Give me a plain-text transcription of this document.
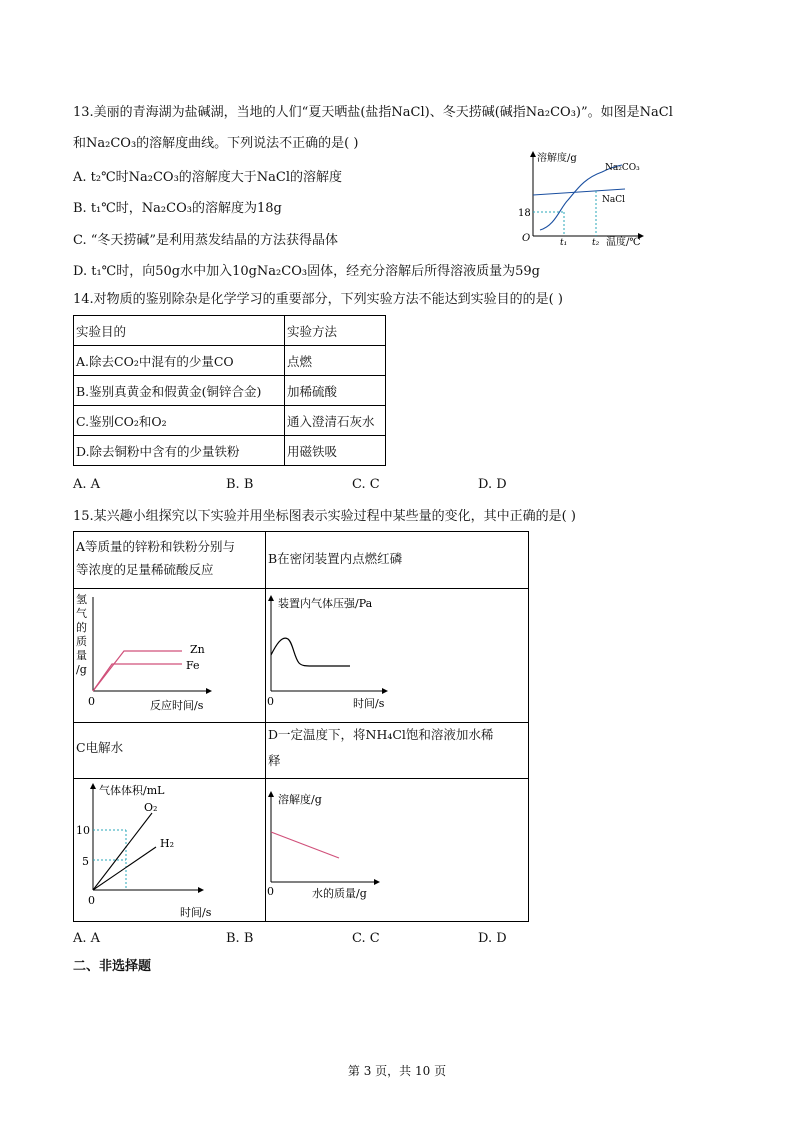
13.美丽的青海湖为盐碱湖，当地的人们“夏天晒盐(盐指NaCl)、冬天捞碱(碱指Na₂CO₃)”。如图是NaCl
和Na₂CO₃的溶解度曲线。下列说法不正确的是( )
A. t₂℃时Na₂CO₃的溶解度大于NaCl的溶解度
B. t₁℃时，Na₂CO₃的溶解度为18g
C. “冬天捞碱”是利用蒸发结晶的方法获得晶体
D. t₁℃时，向50g水中加入10gNa₂CO₃固体，经充分溶解后所得溶液质量为59g
溶解度/g
温度/℃
O
18
t₁	t₂
Na₂CO₃
NaCl
14.对物质的鉴别除杂是化学学习的重要部分，下列实验方法不能达到实验目的的是( )
实验目的	实验方法
A.除去CO₂中混有的少量CO	点燃
B.鉴别真黄金和假黄金(铜锌合金)	加稀硫酸
C.鉴别CO₂和O₂	通入澄清石灰水
D.除去铜粉中含有的少量铁粉	用磁铁吸
A. A	B. B	C. C	D. D
15.某兴趣小组探究以下实验并用坐标图表示实验过程中某些量的变化，其中正确的是( )
A等质量的锌粉和铁粉分别与
等浓度的足量稀硫酸反应
B在密闭装置内点燃红磷
C电解水
D一定温度下，将NH₄Cl饱和溶液加水稀
释
氢
气
的
质
量
/g
0	反应时间/s
Zn
Fe
装置内气体压强/Pa
0	时间/s
气体体积/mL
0
时间/s
10
5
O₂
H₂
溶解度/g
0	水的质量/g
A. A	B. B	C. C	D. D
二、非选择题
第 3 页，共 10 页
